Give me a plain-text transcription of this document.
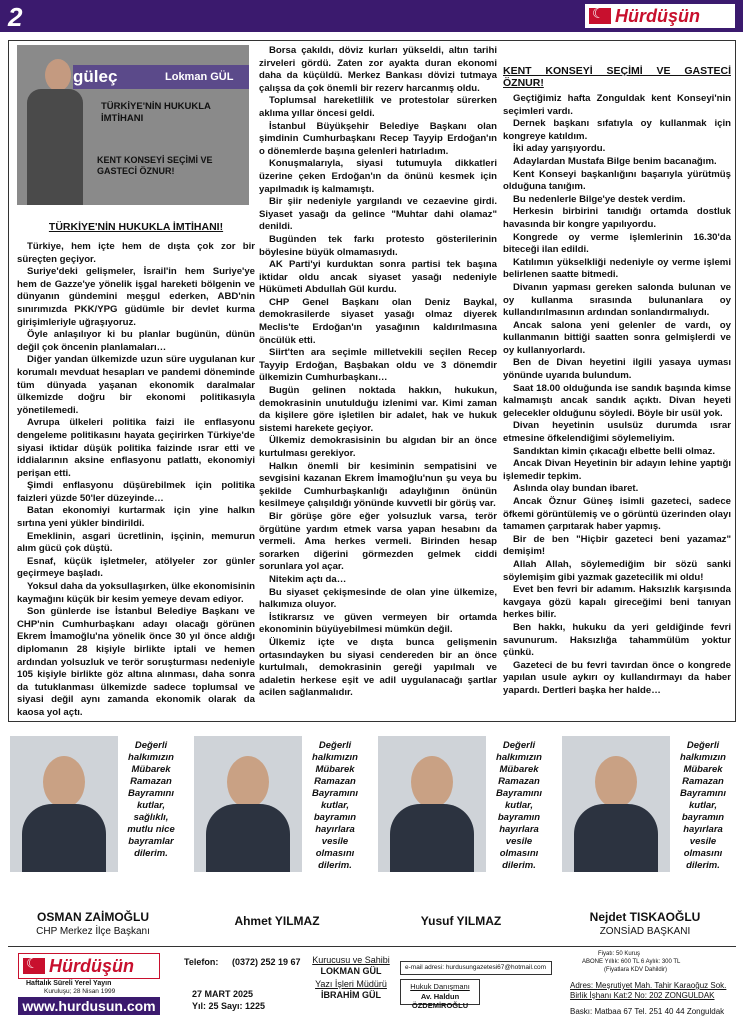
2
☾	Hürdüşün
BEDİKİ DUYUR
güleç	Lokman GÜL
TÜRKİYE'NİN HUKUKLA İMTİHANI
KENT KONSEYİ SEÇİMİ VE GASTECİ ÖZNUR!
TÜRKİYE'NİN HUKUKLA İMTİHANI!

Türkiye, hem içte hem de dışta çok zor bir süreçten geçiyor.

Suriye'deki gelişmeler, İsrail'in hem Suriye'ye hem de Gazze'ye yönelik işgal hareketi bölgenin ve dünyanın gündemini meşgul ederken, ABD'nin sınırımızda PKK/YPG güdümle bir devlet kurma girişimleriyle uğraşıyoruz.

Öyle anlaşılıyor ki bu planlar bugünün, dünün değil çok öncenin planlamaları…

Diğer yandan ülkemizde uzun süre uygulanan kur korumalı mevduat hesapları ve pandemi döneminde tüm dünyada yaşanan ekonomik daralmalar ülkemizde doğru bir ekonomi politikasıyla yönetilemedi.

Avrupa ülkeleri politika faizi ile enflasyonu dengeleme politikasını hayata geçirirken Türkiye'de siyasi iktidar düşük politika faizinde ısrar etti ve iddialarının aksine enflasyonu patlattı, ekonomiyi perişan etti.

Şimdi enflasyonu düşürebilmek için politika faizleri yüzde 50'ler düzeyinde…

Batan ekonomiyi kurtarmak için yine halkın sırtına yeni yükler bindirildi.

Emeklinin, asgari ücretlinin, işçinin, memurun alım gücü çok düştü.

Esnaf, küçük işletmeler, atölyeler zor günler geçirmeye başladı.

Yoksul daha da yoksullaşırken, ülke ekonomisinin kaymağını küçük bir kesim yemeye devam ediyor.

Son günlerde ise İstanbul Belediye Başkanı ve CHP'nin Cumhurbaşkanı adayı olacağı görünen Ekrem İmamoğlu'na yönelik önce 30 yıl önce aldığı diplomanın 28 kişiyle birlikte iptali ve hemen ardından yolsuzluk ve terör soruşturması nedeniyle 105 kişiyle birlikte göz altına alınması, daha sonra da tutuklanması ülkemizde sadece toplumsal ve siyasi değil aynı zamanda ekonomik olarak da kaosa yol açtı.

Borsa çakıldı, döviz kurları yükseldi, altın tarihi zirveleri gördü. Zaten zor ayakta duran ekonomi daha da küçüldü. Merkez Bankası dövizi tutmaya çalışsa da çok önemli bir rezerv harcanmış oldu.

Toplumsal hareketlilik ve protestolar sürerken aklıma yıllar öncesi geldi.

İstanbul Büyükşehir Belediye Başkanı olan şimdinin Cumhurbaşkanı Recep Tayyip Erdoğan'ın o dönemlerde başına gelenleri hatırladım.

Konuşmalarıyla, siyasi tutumuyla dikkatleri üzerine çeken Erdoğan'ın da önünü kesmek için yapılmadık iş kalmamıştı.

Bir şiir nedeniyle yargılandı ve cezaevine girdi. Siyaset yasağı da gelince "Muhtar dahi olamaz" denildi.

Bugünden tek farkı protesto gösterilerinin böylesine büyük olmamasıydı.

AK Parti'yi kurduktan sonra partisi tek başına iktidar oldu ancak siyaset yasağı nedeniyle Hükümeti Abdullah Gül kurdu.

CHP Genel Başkanı olan Deniz Baykal, demokrasilerde siyaset yasağı olmaz diyerek Meclis'te Erdoğan'ın yasağının kaldırılmasına öncülük etti.

Siirt'ten ara seçimle milletvekili seçilen Recep Tayyip Erdoğan, Başbakan oldu ve 3 dönemdir ülkemizin Cumhurbaşkanı…

Bugün gelinen noktada hakkın, hukukun, demokrasinin unutulduğu izlenimi var. Kimi zaman da kişilere göre işletilen bir adalet, hak ve hukuk sistemi harekete geçiyor.

Ülkemiz demokrasisinin bu algıdan bir an önce kurtulması gerekiyor.

Halkın önemli bir kesiminin sempatisini ve sevgisini kazanan Ekrem İmamoğlu'nun şu veya bu şekilde Cumhurbaşkanlığı adaylığının önünün kesilmeye çalışıldığı yönünde kuvvetli bir görüş var.

Bir görüşe göre eğer yolsuzluk varsa, terör örgütüne yardım etmek varsa yapan hesabını da vermeli. Ama herkes vermeli. Birinden hesap sorarken diğerini görmezden gelmek ciddi sorunlara yol açar.

Nitekim açtı da…

Bu siyaset çekişmesinde de olan yine ülkemize, halkımıza oluyor.

İstikrarsız ve güven vermeyen bir ortamda ekonominin büyüyebilmesi mümkün değil.

Ülkemiz içte ve dışta bunca gelişmenin ortasındayken bu siyasi cendereden bir an önce kurtulmalı, demokrasinin gereği yapılmalı ve adaletin herkese eşit ve adil uygulanacağı şartlar acilen sağlanmalıdır.

KENT KONSEYİ SEÇİMİ VE GASTECİ ÖZNUR!

Geçtiğimiz hafta Zonguldak kent Konseyi'nin seçimleri vardı.

Dernek başkanı sıfatıyla oy kullanmak için kongreye katıldım.

İki aday yarışıyordu.

Adaylardan Mustafa Bilge benim bacanağım.

Kent Konseyi başkanlığını başarıyla yürütmüş olduğuna tanığım.

Bu nedenlerle Bilge'ye destek verdim.

Herkesin birbirini tanıdığı ortamda dostluk havasında bir kongre yapılıyordu.

Kongrede oy verme işlemlerinin 16.30'da biteceği ilan edildi.

Katılımın yükselkliği nedeniyle oy verme işlemi belirlenen saatte bitmedi.

Divanın yapması gereken salonda bulunan ve oy kullanma sırasında bulunanlara oy kullandırılmasının ardından sonlandırmalıydı.

Ancak salona yeni gelenler de vardı, oy kullanmanın bittiği saatten sonra gelmişlerdi ve oy kullanıyorlardı.

Ben de Divan heyetini ilgili yasaya uyması yönünde uyarıda bulundum.

Saat 18.00 olduğunda ise sandık başında kimse kalmamıştı ancak sandık açıktı. Divan heyeti gelecekler olduğunu söyledi. Böyle bir usül yok.

Divan heyetinin usulsüz durumda ısrar etmesine öfkelendiğimi söylemeliyim.

Sandıktan kimin çıkacağı elbette belli olmaz.

Ancak Divan Heyetinin bir adayın lehine yaptığı işlemedir tepkim.

Aslında olay bundan ibaret.

Ancak Öznur Güneş isimli gazeteci, sadece öfkemi görüntülemiş ve o görüntü üzerinden olayı tamamen çarpıtarak haber yapmış.

Bir de ben "Hiçbir gazeteci beni yazamaz" demişim!

Allah Allah, söylemediğim bir sözü sanki söylemişim gibi yazmak gazetecilik mi oldu!

Evet ben fevri bir adamım. Haksızlık karşısında kavgaya gözü kapalı gireceğimi beni tanıyan herkes bilir.

Ben hakkı, hukuku da yeri geldiğinde fevri savunurum. Haksızlığa tahammülüm yoktur çünkü.

Gazeteci de bu fevri tavırdan önce o kongrede yapılan usule aykırı oy kullandırmayı da haber yapardı. Dertleri başka her halde…

Değerli halkımızın Mübarek Ramazan Bayramını kutlar, sağlıklı, mutlu nice bayramlar dilerim.
OSMAN ZAİMOĞLU
CHP Merkez İlçe Başkanı
Değerli halkımızın Mübarek Ramazan Bayramını kutlar, bayramın hayırlara vesile olmasını dilerim.
Ahmet YILMAZ
Değerli halkımızın Mübarek Ramazan Bayramını kutlar, bayramın hayırlara vesile olmasını dilerim.
Yusuf YILMAZ
Değerli halkımızın Mübarek Ramazan Bayramını kutlar, bayramın hayırlara vesile olmasını dilerim.
Nejdet TISKAOĞLU
ZONSİAD BAŞKANI
☾
Hürdüşün
Haftalık Süreli Yerel Yayın
Kuruluşu; 28 Nisan 1999
www.hurdusun.com
Telefon: (0372) 252 19 67
27 MART 2025
Yıl: 25 Sayı: 1225
Kurucusu ve Sahibi
LOKMAN GÜL
Yazı İşleri Müdürü
İBRAHİM GÜL
e-mail adresi: hurdusungazetesi67@hotmail.com
Hukuk Danışmanı
Av. Haldun ÖZDEMİROĞLU
Fiyatı: 50 Kuruş
ABONE Yıllık: 600 TL 6 Aylık: 300 TL
(Fiyatlara KDV Dahildir)
Adres: Meşrutiyet Mah. Tahir Karaoğuz Sok.
Birlik İşhanı Kat:2 No: 202 ZONGULDAK
Baskı: Matbaa 67 Tel. 251 40 44 Zonguldak
